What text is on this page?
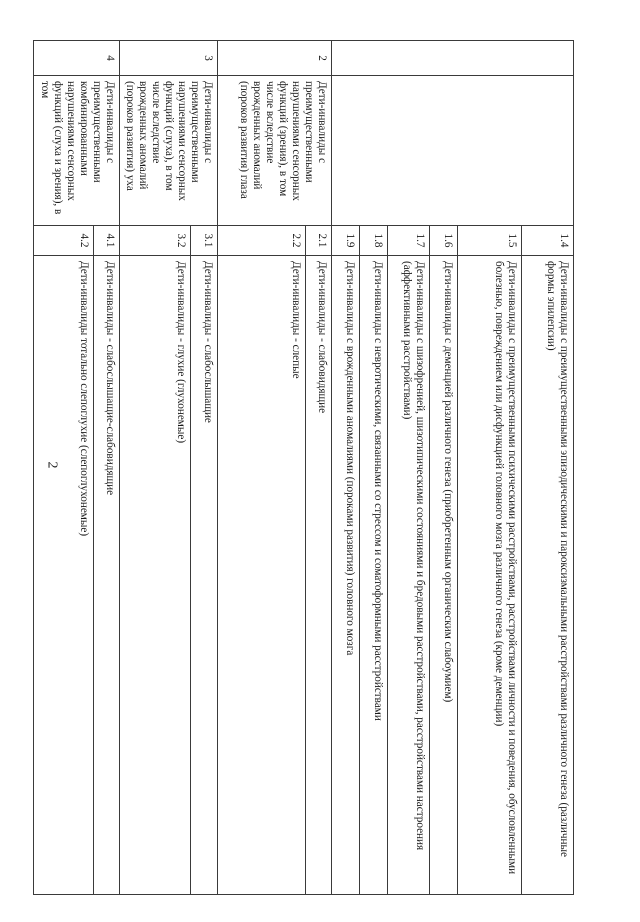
2
		1.4	Дети-инвалиды с преимущественными эпизодическими и пароксизмальными расстройствами различного генеза (различные формы эпилепсии)
		1.5	Дети-инвалиды с преимущественными психическими расстройствами, расстройствами личности и поведения, обусловленными болезнью, повреждением или дисфункцией головного мозга различного генеза (кроме деменции)
		1.6	Дети-инвалиды с деменцией различного генеза (приобретенным органическим слабоумием)
		1.7	Дети-инвалиды с шизофренией, шизотипическими состояниями и бредовыми расстройствами, расстройствами настроения (аффективными расстройствами)
		1.8	Дети-инвалиды с невротическими, связанными со стрессом и соматоформными расстройствами
		1.9	Дети-инвалиды с врожденными аномалиями (пороками развития) головного мозга
2	Дети-инвалиды с преимущественными нарушениями сенсорных функций (зрения), в том числе вследствие врожденных аномалий (пороков развития) глаза	2.1	Дети-инвалиды - слабовидящие
		2.2	Дети-инвалиды - слепые
3	Дети-инвалиды с преимущественными нарушениями сенсорных функций (слуха), в том числе вследствие врожденных аномалий (пороков развития) уха	3.1	Дети-инвалиды - слабослышащие
		3.2	Дети-инвалиды - глухие (глухонемые)
4	Дети-инвалиды с преимущественными комбинированными нарушениями сенсорных функций (слуха и зрения), в том	4.1	Дети-инвалиды - слабослышащие-слабовидящие
		4.2	Дети-инвалиды тотально слепоглухие (слепоглухонемые)
